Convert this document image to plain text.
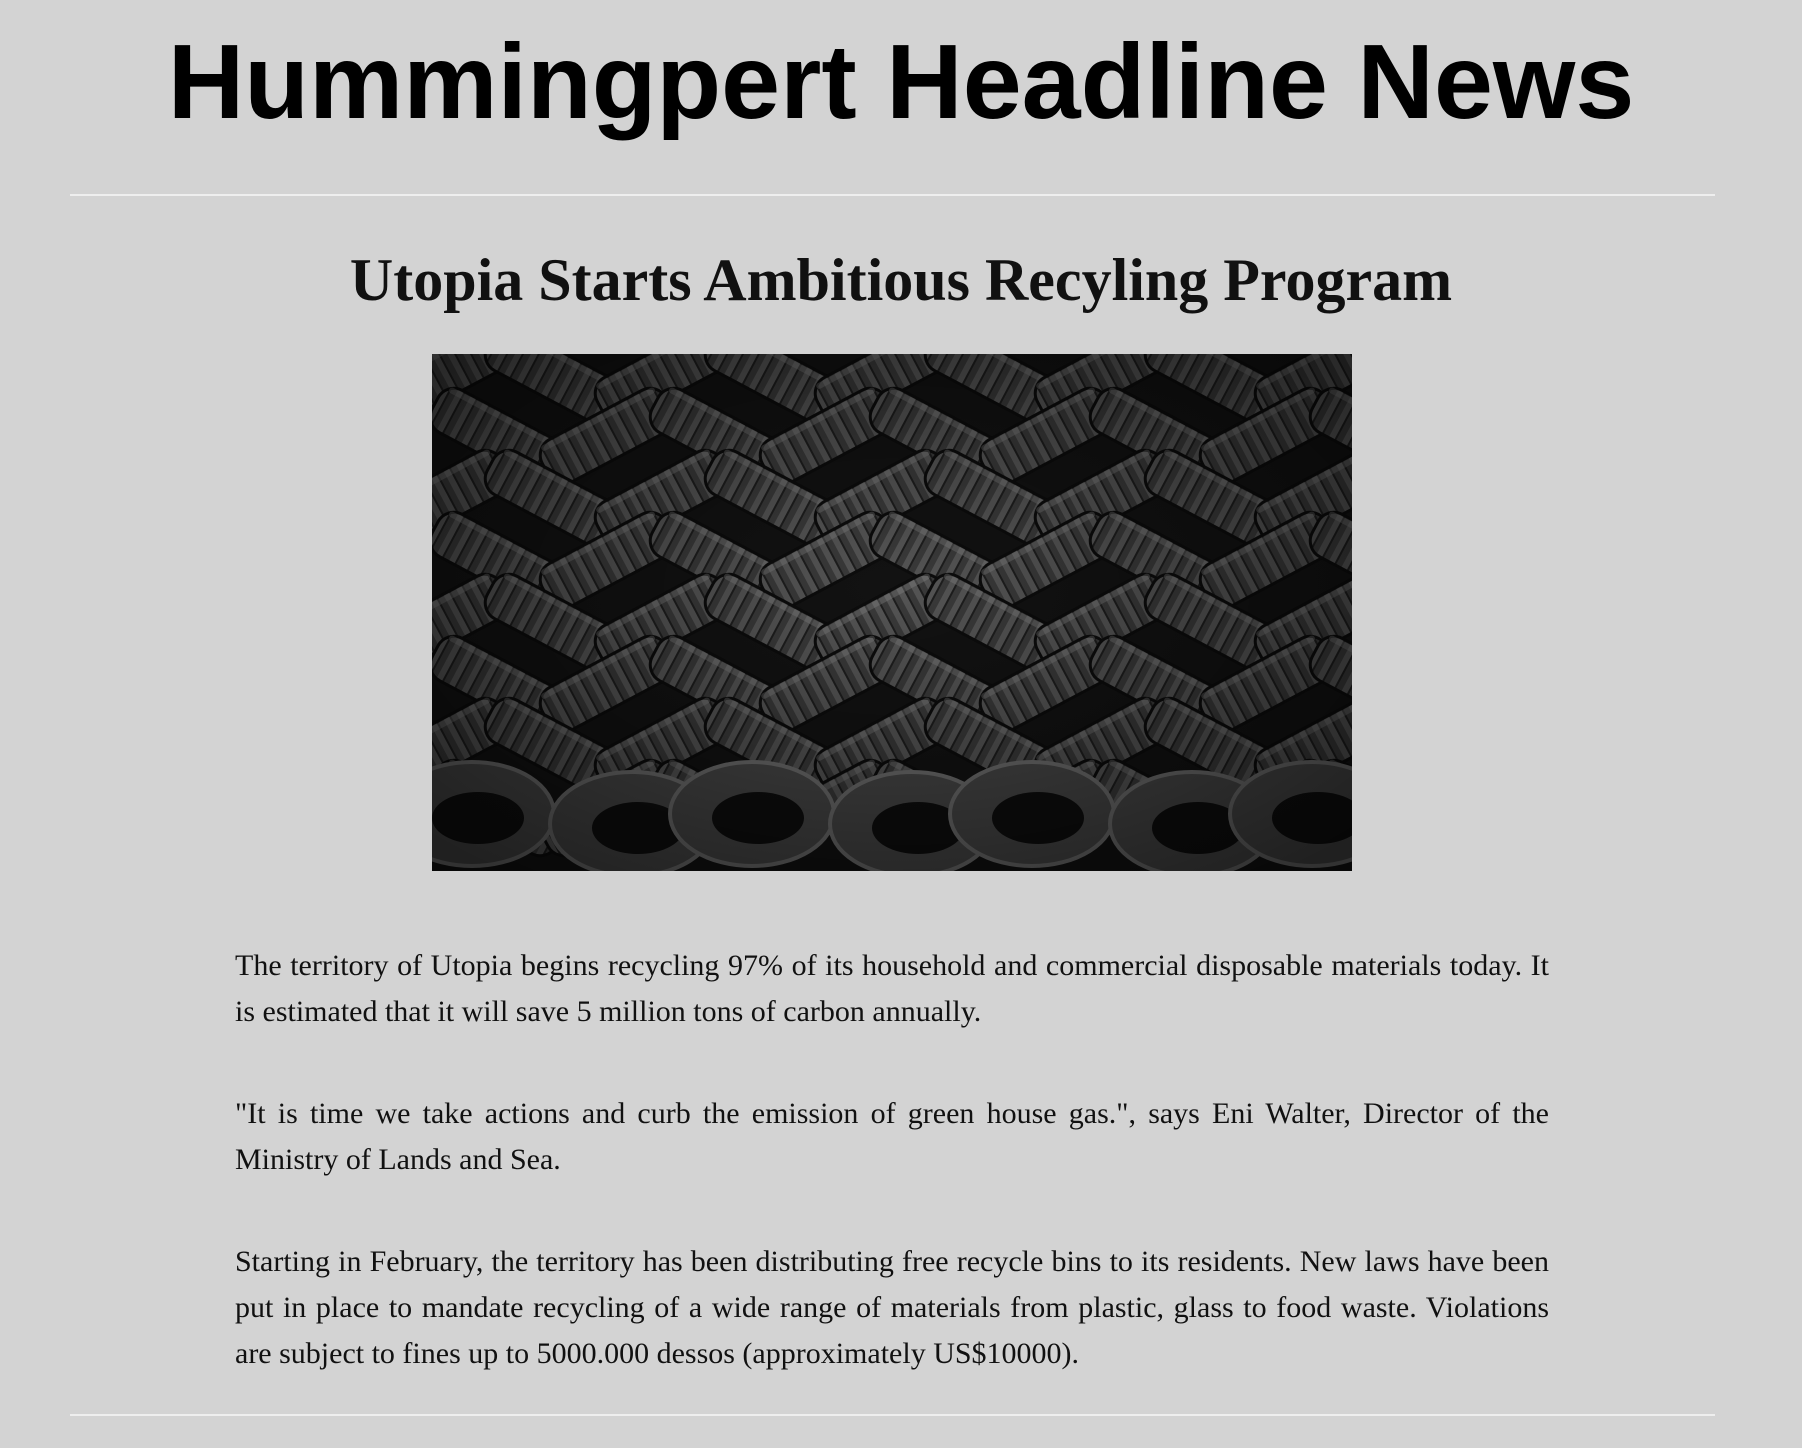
Hummingpert Headline News
Utopia Starts Ambitious Recyling Program

The territory of Utopia begins recycling 97% of its household and commercial disposable materials today. It is estimated that it will save 5 million tons of carbon annually.

"It is time we take actions and curb the emission of green house gas.", says Eni Walter, Director of the Ministry of Lands and Sea.

Starting in February, the territory has been distributing free recycle bins to its residents. New laws have been put in place to mandate recycling of a wide range of materials from plastic, glass to food waste. Violations are subject to fines up to 5000.000 dessos (approximately US$10000).
